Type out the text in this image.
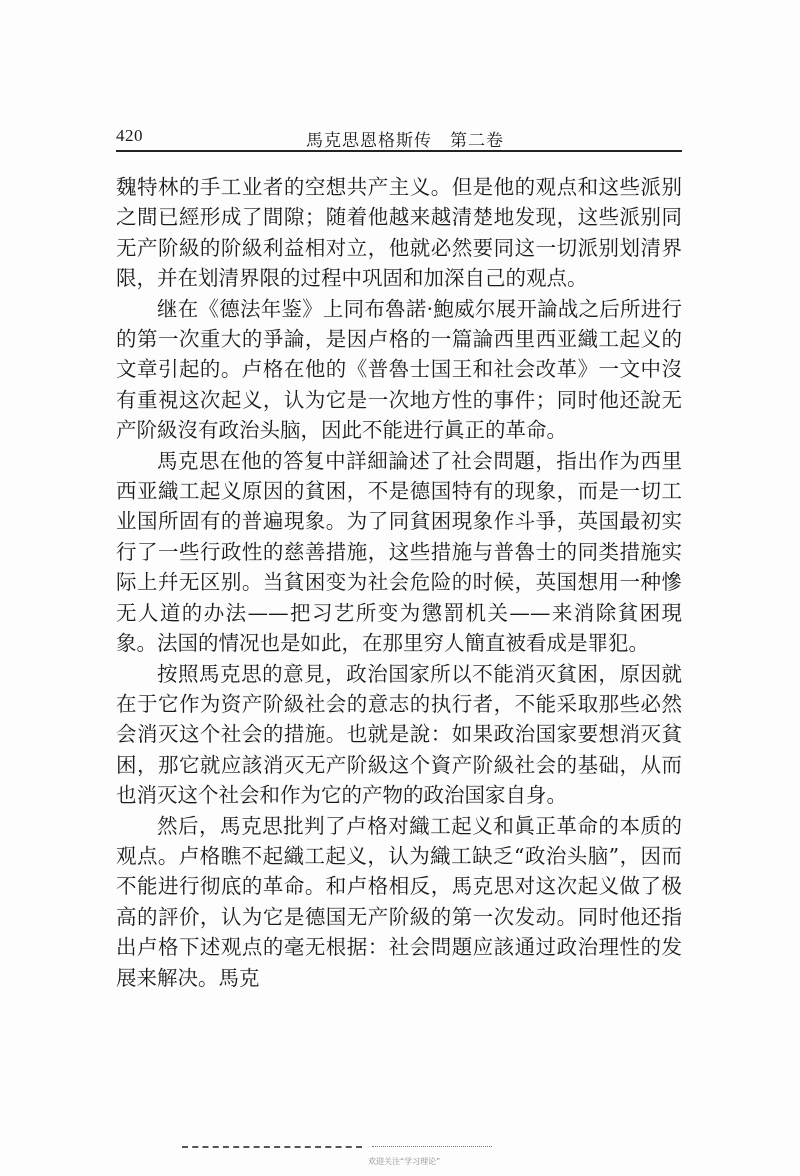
420	馬克思恩格斯传　第二卷

魏特林的手工业者的空想共产主义。但是他的观点和这些派别之間已經形成了間隙；随着他越来越清楚地发现，这些派别同无产阶級的阶級利益相对立，他就必然要同这一切派别划清界限，并在划清界限的过程中巩固和加深自己的观点。

继在《德法年鉴》上同布魯諾·鮑威尔展开論战之后所进行的第一次重大的爭論，是因卢格的一篇論西里西亚織工起义的文章引起的。卢格在他的《普魯士国王和社会改革》一文中沒有重視这次起义，认为它是一次地方性的事件；同时他还說无产阶級沒有政治头脑，因此不能进行眞正的革命。

馬克思在他的答复中詳細論述了社会問題，指出作为西里西亚織工起义原因的貧困，不是德国特有的现象，而是一切工业国所固有的普遍現象。为了同貧困現象作斗爭，英国最初实行了一些行政性的慈善措施，这些措施与普魯士的同类措施实际上幷无区别。当貧困变为社会危险的时候，英国想用一种慘无人道的办法——把习艺所变为懲罰机关——来消除貧困現象。法国的情况也是如此，在那里穷人簡直被看成是罪犯。

按照馬克思的意見，政治国家所以不能消灭貧困，原因就在于它作为资产阶級社会的意志的执行者，不能采取那些必然会消灭这个社会的措施。也就是說：如果政治国家要想消灭貧困，那它就应該消灭无产阶級这个資产阶級社会的基础，从而也消灭这个社会和作为它的产物的政治国家自身。

然后，馬克思批判了卢格对織工起义和眞正革命的本质的观点。卢格瞧不起織工起义，认为織工缺乏“政治头脑”，因而不能进行彻底的革命。和卢格相反，馬克思对这次起义做了极高的評价，认为它是德国无产阶級的第一次发动。同时他还指出卢格下述观点的毫无根据：社会問題应該通过政治理性的发展来解决。馬克

欢迎关注“学习理论”
